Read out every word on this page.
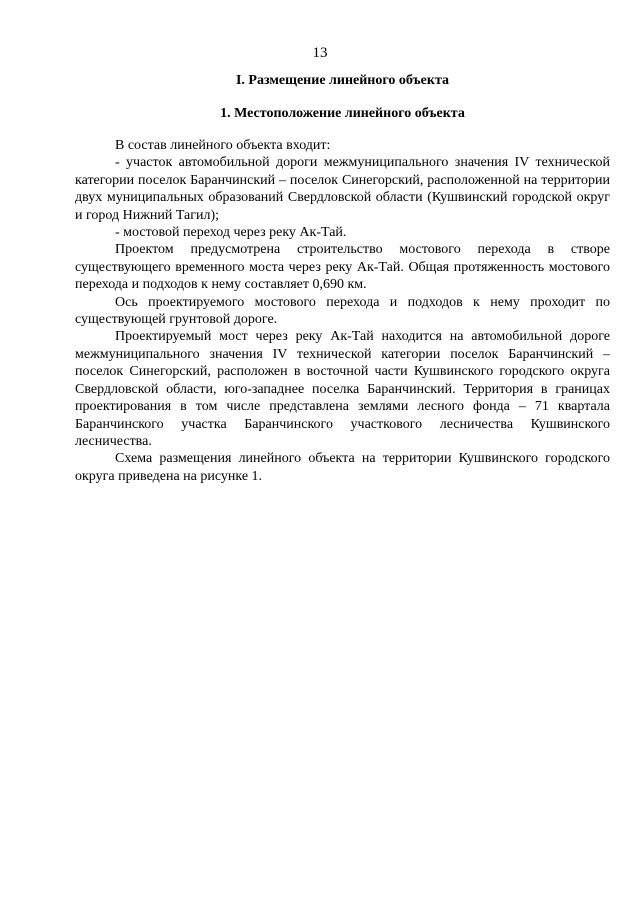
13

I. Размещение линейного объекта

1. Местоположение линейного объекта

В состав линейного объекта входит:

- участок автомобильной дороги межмуниципального значения IV технической категории поселок Баранчинский – поселок Синегорский, расположенной на территории двух муниципальных образований Свердловской области (Кушвинский городской округ и город Нижний Тагил);

- мостовой переход через реку Ак-Тай.

Проектом предусмотрена строительство мостового перехода в створе существующего временного моста через реку Ак-Тай. Общая протяженность мостового перехода и подходов к нему составляет 0,690 км.

Ось проектируемого мостового перехода и подходов к нему проходит по существующей грунтовой дороге.

Проектируемый мост через реку Ак-Тай находится на автомобильной дороге межмуниципального значения IV технической категории поселок Баранчинский – поселок Синегорский, расположен в восточной части Кушвинского городского округа Свердловской области, юго-западнее поселка Баранчинский. Территория в границах проектирования в том числе представлена землями лесного фонда – 71 квартала Баранчинского участка Баранчинского участкового лесничества Кушвинского лесничества.

Схема размещения линейного объекта на территории Кушвинского городского округа приведена на рисунке 1.
